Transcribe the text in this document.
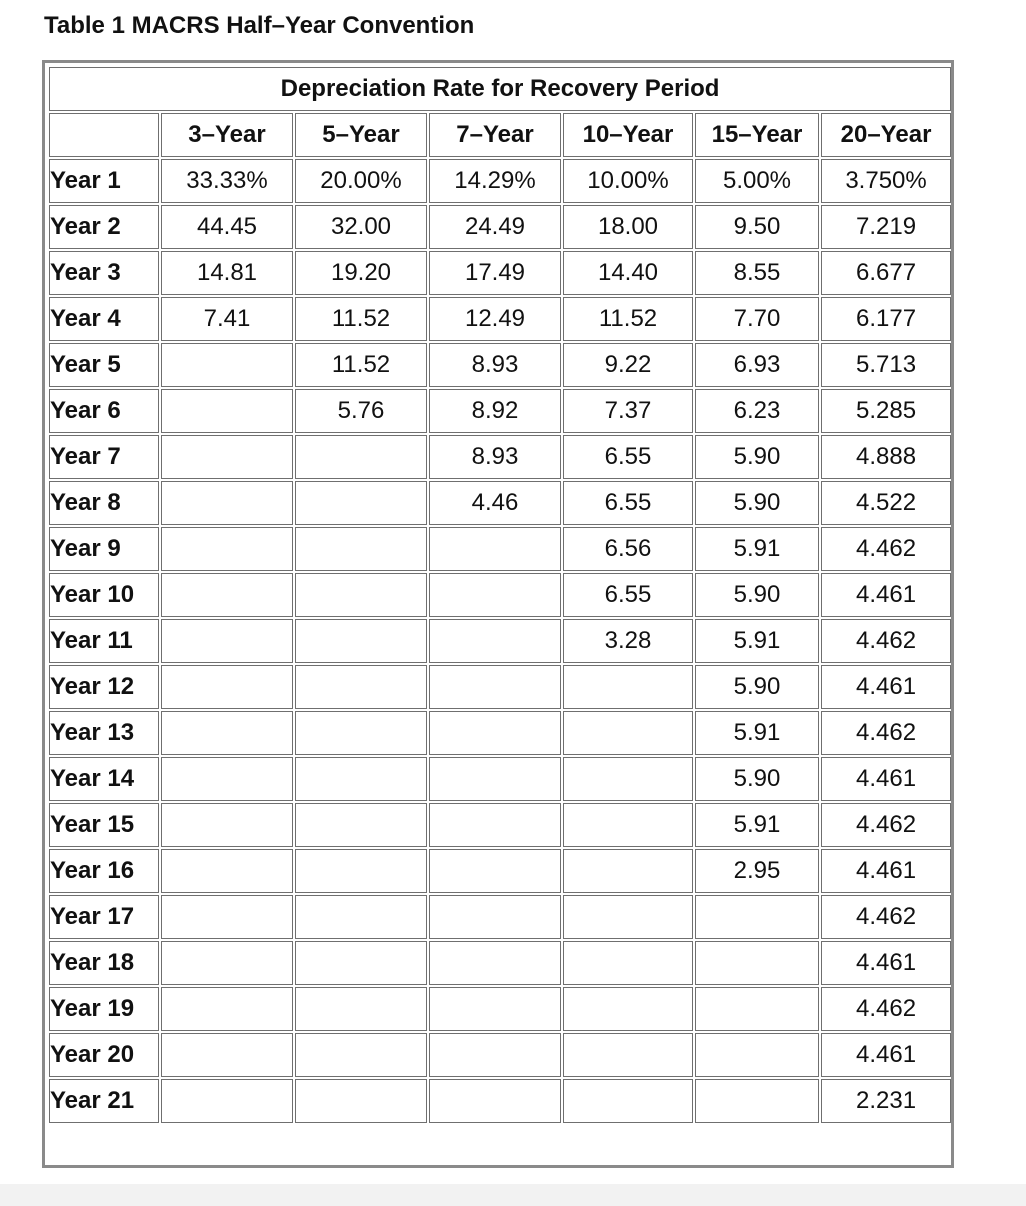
Table 1 MACRS Half–Year Convention
Depreciation Rate for Recovery Period						
	3–Year	5–Year	7–Year	10–Year	15–Year	20–Year
Year 1	33.33%	20.00%	14.29%	10.00%	5.00%	3.750%
Year 2	44.45	32.00	24.49	18.00	9.50	7.219
Year 3	14.81	19.20	17.49	14.40	8.55	6.677
Year 4	7.41	11.52	12.49	11.52	7.70	6.177
Year 5		11.52	8.93	9.22	6.93	5.713
Year 6		5.76	8.92	7.37	6.23	5.285
Year 7			8.93	6.55	5.90	4.888
Year 8			4.46	6.55	5.90	4.522
Year 9				6.56	5.91	4.462
Year 10				6.55	5.90	4.461
Year 11				3.28	5.91	4.462
Year 12					5.90	4.461
Year 13					5.91	4.462
Year 14					5.90	4.461
Year 15					5.91	4.462
Year 16					2.95	4.461
Year 17						4.462
Year 18						4.461
Year 19						4.462
Year 20						4.461
Year 21						2.231
